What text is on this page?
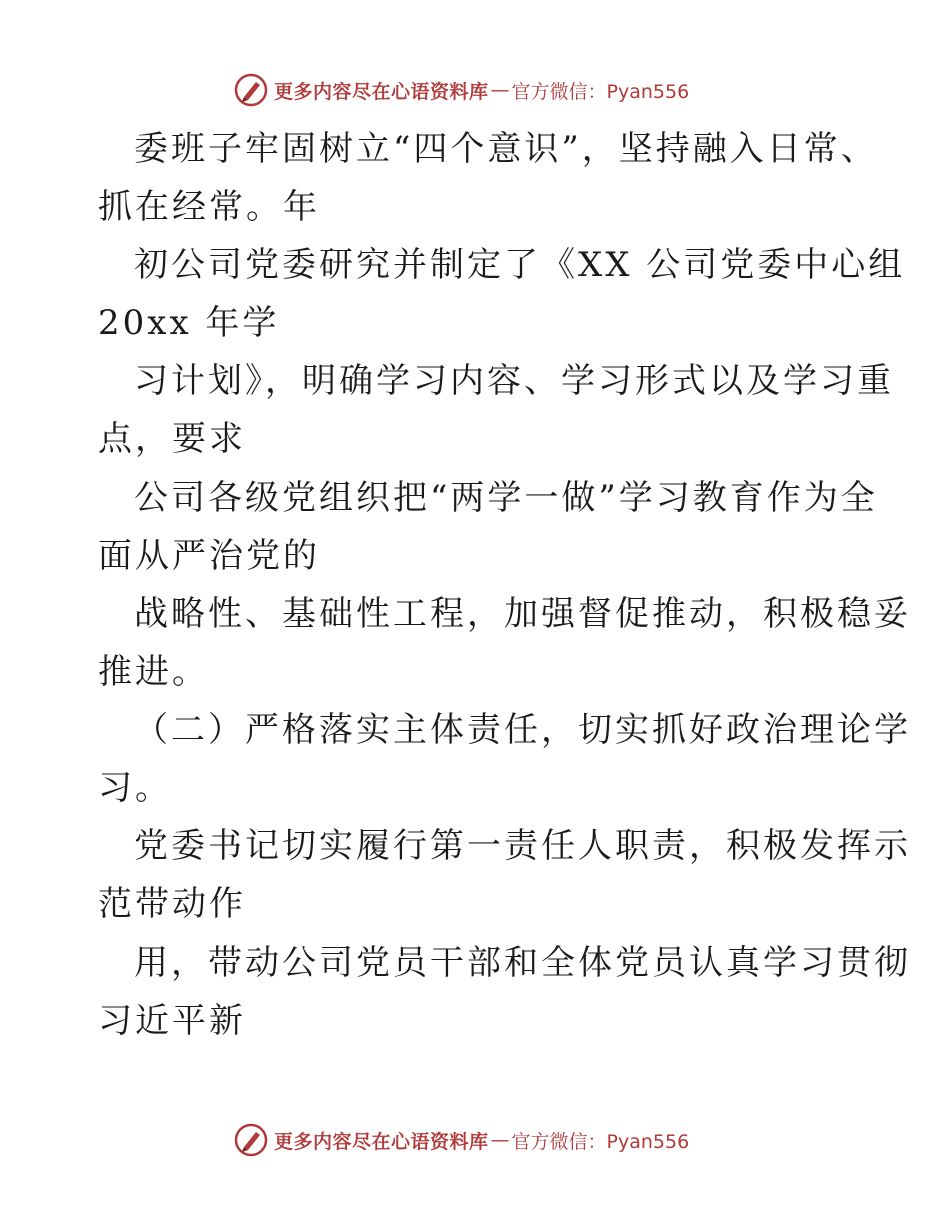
更多内容尽在心语资料库 — 官方微信：Pyan556
委班子牢固树立“四个意识”，坚持融入日常、
抓在经常。年
初公司党委研究并制定了《XX 公司党委中心组
20xx 年学
习计划》，明确学习内容、学习形式以及学习重
点，要求
公司各级党组织把“两学一做”学习教育作为全
面从严治党的
战略性、基础性工程，加强督促推动，积极稳妥
推进。
（二）严格落实主体责任，切实抓好政治理论学
习。
党委书记切实履行第一责任人职责，积极发挥示
范带动作
用，带动公司党员干部和全体党员认真学习贯彻
习近平新
更多内容尽在心语资料库 — 官方微信：Pyan556
